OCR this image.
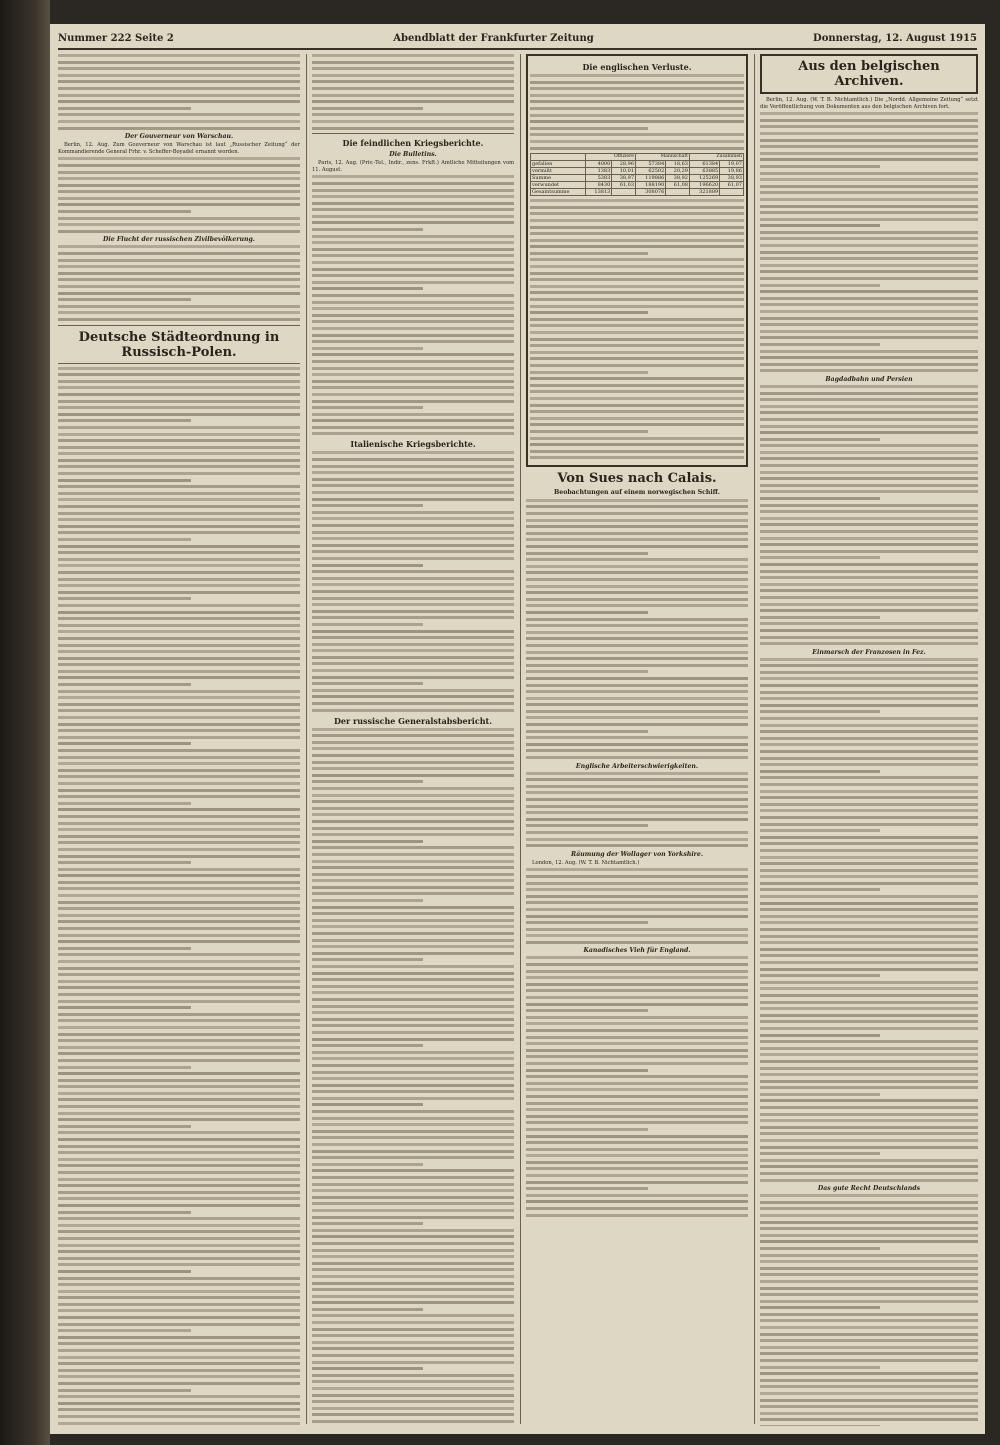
Nummer 222 Seite 2	Abendblatt der Frankfurter Zeitung	Donnerstag, 12. August 1915

Der Gouverneur von Warschau.

Berlin, 12. Aug. Zum Gouverneur von Warschau ist laut „Russischer Zeitung“ der Kommandierende General Frhr. v. Scheffer-Boyadel ernannt worden.

Die Flucht der russischen Zivilbevölkerung.

Deutsche Städteordnung in Russisch-Polen.

Die feindlichen Kriegsberichte.
Die Bulletins.

Paris, 12. Aug. (Priv.-Tel., Indir., zens. Frkft.) Amtliche Mitteilungen vom 11. August.

Italienische Kriegsberichte.

Der russische Generalstabsbericht.

Die englischen Verluste.

	Offiziere		Mannschaft		Zusammen	
gefallen	4000	28,96	57384	18,63	61384	19,07
vermißt	1383	10,01	62502	20,29	63885	19,86
Summe	5383	38,97	119886	38,92	125269	38,93
verwundet	8430	61,03	188190	61,08	196620	61,07
Gesamtsumme	13813		308076		321889	

Von Sues nach Calais.
Beobachtungen auf einem norwegischen Schiff.

Englische Arbeiterschwierigkeiten.

Räumung der Wollager von Yorkshire.

London, 12. Aug. (W. T. B. Nichtamtlich.)

Kanadisches Vieh für England.

Aus den belgischen Archiven.

Berlin, 12. Aug. (W. T. B. Nichtamtlich.) Die „Nordd. Allgemeine Zeitung“ setzt die Veröffentlichung von Dokumenten aus den belgischen Archiven fort.

Bagdadbahn und Persien

Einmarsch der Franzosen in Fez.

Das gute Recht Deutschlands
